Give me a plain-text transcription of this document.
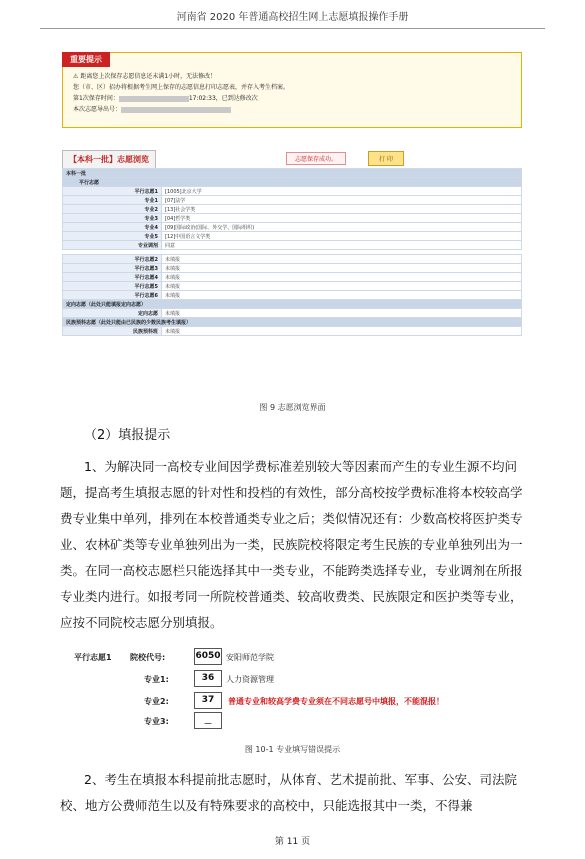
河南省 2020 年普通高校招生网上志愿填报操作手册
重要提示
⚠ 距离您上次保存志愿信息还未满1小时，无法修改！
您（市、区）招办将根据考生网上保存的志愿信息打印志愿表，并存入考生档案。
第1次保存时间：	17:02:33，已到达修改次
本次志愿导出号：
【本科一批】志愿浏览	志愿保存成功。	打 印
本科一批	
平行志愿	
平行志愿1	[1005]北京大学
专业1	[07]法学
专业2	[13]社会学类
专业3	[04]哲学类
专业4	[09]国际政治(国际、外交学、国际组织)
专业5	[12]中国语言文学类
专业调剂	同意

平行志愿2	未填报
平行志愿3	未填报
平行志愿4	未填报
平行志愿5	未填报
平行志愿6	未填报
定向志愿（此处只能填报定向志愿）	
定向志愿	未填报
民族预科志愿（此处只能由已民族的少数民族考生填报）	
民族预科班	未填报
图 9 志愿浏览界面
（2）填报提示
1、为解决同一高校专业间因学费标准差别较大等因素而产生的专业生源不均问题，提高考生填报志愿的针对性和投档的有效性，部分高校按学费标准将本校较高学费专业集中单列，排列在本校普通类专业之后；类似情况还有：少数高校将医护类专业、农林矿类等专业单独列出为一类，民族院校将限定考生民族的专业单独列出为一类。在同一高校志愿栏只能选择其中一类专业，不能跨类选择专业，专业调剂在所报专业类内进行。如报考同一所院校普通类、较高收费类、民族限定和医护类等专业，应按不同院校志愿分别填报。
平行志愿1 院校代号:	6050 安阳师范学院
专业1:	36	人力资源管理
专业2:	37	普通专业和较高学费专业须在不同志愿号中填报，不能混报！
专业3:	__
图 10-1 专业填写错误提示
2、考生在填报本科提前批志愿时，从体育、艺术提前批、军事、公安、司法院校、地方公费师范生以及有特殊要求的高校中，只能选报其中一类，不得兼
第 11 页
